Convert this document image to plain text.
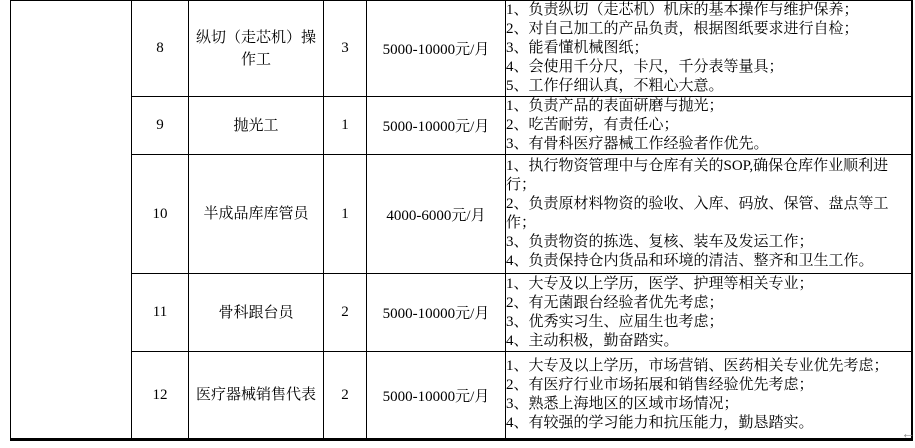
	8	纵切（走芯机）操作工	3	5000-10000元/月	1、负责纵切（走芯机）机床的基本操作与维护保养；
2、对自己加工的产品负责，根据图纸要求进行自检；
3、能看懂机械图纸；
4、会使用千分尺，卡尺，千分表等量具；
5、工作仔细认真，不粗心大意。

	9	抛光工	1	5000-10000元/月	1、负责产品的表面研磨与抛光；
2、吃苦耐劳，有责任心；
3、有骨科医疗器械工作经验者作优先。

	10	半成品库库管员	1	4000-6000元/月	1、执行物资管理中与仓库有关的SOP,确保仓库作业顺利进行；
2、负责原材料物资的验收、入库、码放、保管、盘点等工作；
3、负责物资的拣选、复核、装车及发运工作；
4、负责保持仓内货品和环境的清洁、整齐和卫生工作。

	11	骨科跟台员	2	5000-10000元/月	1、大专及以上学历，医学、护理等相关专业；
2、有无菌跟台经验者优先考虑；
3、优秀实习生、应届生也考虑；
4、主动积极，勤奋踏实。

	12	医疗器械销售代表	2	5000-10000元/月	1、大专及以上学历，市场营销、医药相关专业优先考虑；
2、有医疗行业市场拓展和销售经验优先考虑；
3、熟悉上海地区的区域市场情况；
4、有较强的学习能力和抗压能力，勤恳踏实。
←
